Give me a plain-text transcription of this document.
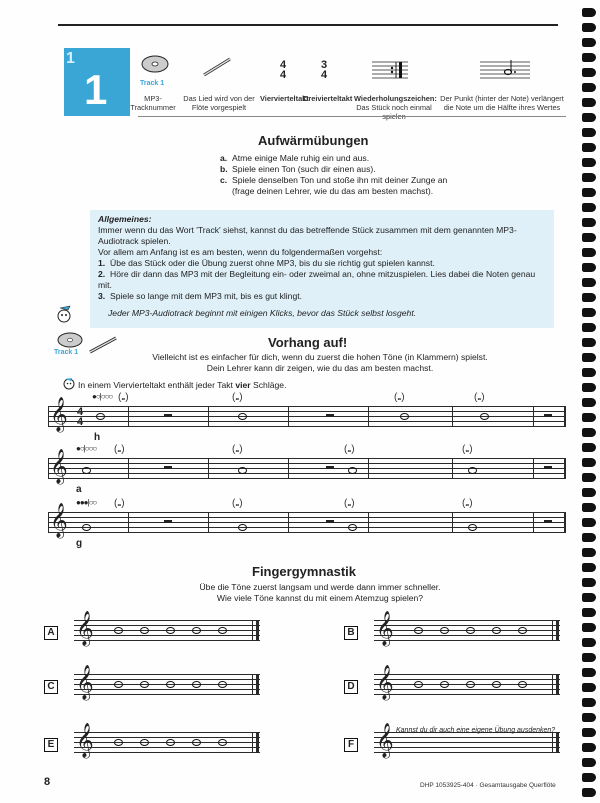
1
1	Track 1
MP3-Tracknummer
Das Lied wird von der Flöte vorgespielt
4
4
Viervierteltakt
3
4
Dreivierteltakt Wiederholungszeichen:
Das Stück noch einmal
Der Punkt (hinter der Note) verlängert
die Note um die Hälfte ihres Wertes
Aufwärmübungen
a. Atme einige Male ruhig ein und aus.
b. Spiele einen Ton (such dir einen aus).
c. Spiele denselben Ton und stoße ihn mit deiner Zunge an
(frage deinen Lehrer, wie du das am besten machst).
Allgemeines:
Immer wenn du das Wort 'Track' siehst, kannst du das betreffende Stück zusammen mit dem genannten MP3-
Audiotrack spielen.
Vor allem am Anfang ist es am besten, wenn du folgendermaßen vorgehst:
1. Übe das Stück oder die Übung zuerst ohne MP3, bis du sie richtig gut spielen kannst.
2. Höre dir dann das MP3 mit der Begleitung ein- oder zweimal an, ohne mitzuspielen. Lies dabei die Noten genau mit.
3. Spiele so lange mit dem MP3 mit, bis es gut klingt.
Jeder MP3-Audiotrack beginnt mit einigen Klicks, bevor das Stück selbst losgeht.
Track 1
Vorhang auf!
Vielleicht ist es einfacher für dich, wenn du zuerst die hohen Töne (in Klammern) spielst.
Dein Lehrer kann dir zeigen, wie du das am besten machst.
In einem Viervierteltakt enthält jeder Takt vier Schläge.
𝄞 4
4
●○|○○○ (𝅝)	(𝅝)	(𝅝)	(𝅝)
h
𝄞
●○|○○○ (𝅝)	(𝅝)	(𝅝)	(𝅝)
a
𝄞
●●●|○○ (𝅝)	(𝅝)	(𝅝)	(𝅝)
g
Fingergymnastik
Übe die Töne zuerst langsam und werde dann immer schneller.
Wie viele Töne kannst du mit einem Atemzug spielen?
A 𝄞	B 𝄞
C 𝄞	D 𝄞
E 𝄞	F 𝄞 Kannst du dir auch eine eigene Übung ausdenken?
8	DHP 1053925-404 · Gesamtausgabe Querflöte
